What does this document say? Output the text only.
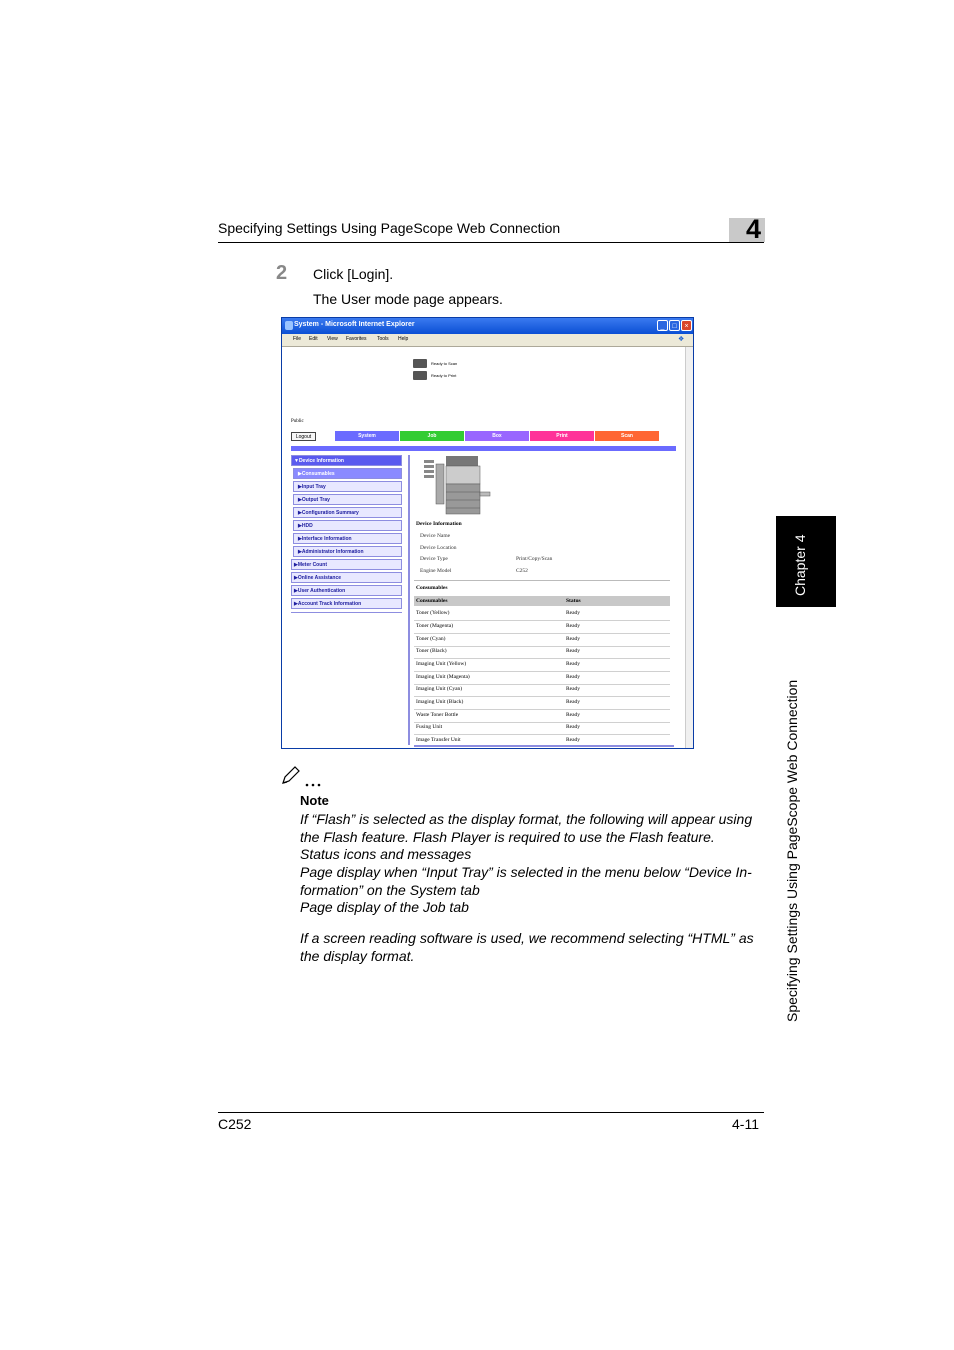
Specifying Settings Using PageScope Web Connection	4
2 Click [Login].
The User mode page appears.
System - Microsoft Internet Explorer	_	□	×
File Edit View Favorites Tools Help	❖
Ready to Scan
Ready to Print
Public
Logout	System	Job	Box	Print	Scan
▼Device Information
▶Consumables
▶Input Tray
▶Output Tray
▶Configuration Summary
▶HDD
▶Interface Information
▶Administrator Information
▶Meter Count
▶Online Assistance
▶User Authentication
▶Account Track Information
Device Information
Device Name
Device Location
Device Type	Print/Copy/Scan
Engine Model	C252
Consumables
Consumables	Status
Toner (Yellow)	Ready
Toner (Magenta)	Ready
Toner (Cyan)	Ready
Toner (Black)	Ready
Imaging Unit (Yellow)	Ready
Imaging Unit (Magenta)	Ready
Imaging Unit (Cyan)	Ready
Imaging Unit (Black)	Ready
Waste Toner Bottle	Ready
Fusing Unit	Ready
Image Transfer Unit	Ready
Note
If “Flash” is selected as the display format, the following will appear using the Flash feature. Flash Player is required to use the Flash feature.
Status icons and messages
Page display when “Input Tray” is selected in the menu below “Device In-formation” on the System tab
Page display of the Job tab
If a screen reading software is used, we recommend selecting “HTML” as the display format.
Chapter 4
Specifying Settings Using PageScope Web Connection
C252	4-11
